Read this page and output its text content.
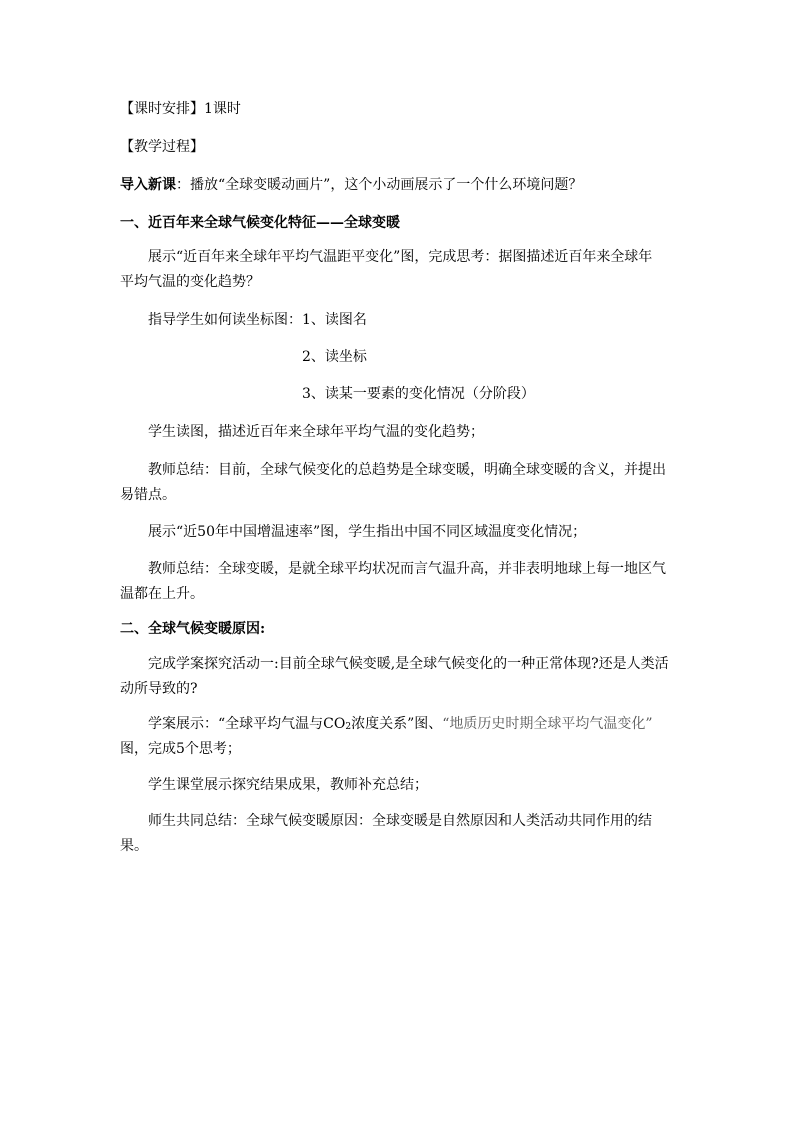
【课时安排】1课时
【教学过程】
导入新课：播放“全球变暖动画片”，这个小动画展示了一个什么环境问题？
一、近百年来全球气候变化特征——全球变暖
展示“近百年来全球年平均气温距平变化”图，完成思考：据图描述近百年来全球年
平均气温的变化趋势？
指导学生如何读坐标图：1、读图名
2、读坐标
3、读某一要素的变化情况（分阶段）
学生读图，描述近百年来全球年平均气温的变化趋势；
教师总结：目前，全球气候变化的总趋势是全球变暖，明确全球变暖的含义，并提出
易错点。
展示“近50年中国增温速率”图，学生指出中国不同区域温度变化情况；
教师总结：全球变暖，是就全球平均状况而言气温升高，并非表明地球上每一地区气
温都在上升。
二、全球气候变暖原因:
完成学案探究活动一:目前全球气候变暖,是全球气候变化的一种正常体现?还是人类活
动所导致的?
学案展示：“全球平均气温与$CO_2$浓度关系”图、“地质历史时期全球平均气温变化”
图，完成5个思考；
学生课堂展示探究结果成果，教师补充总结；
师生共同总结：全球气候变暖原因：全球变暖是自然原因和人类活动共同作用的结
果。
